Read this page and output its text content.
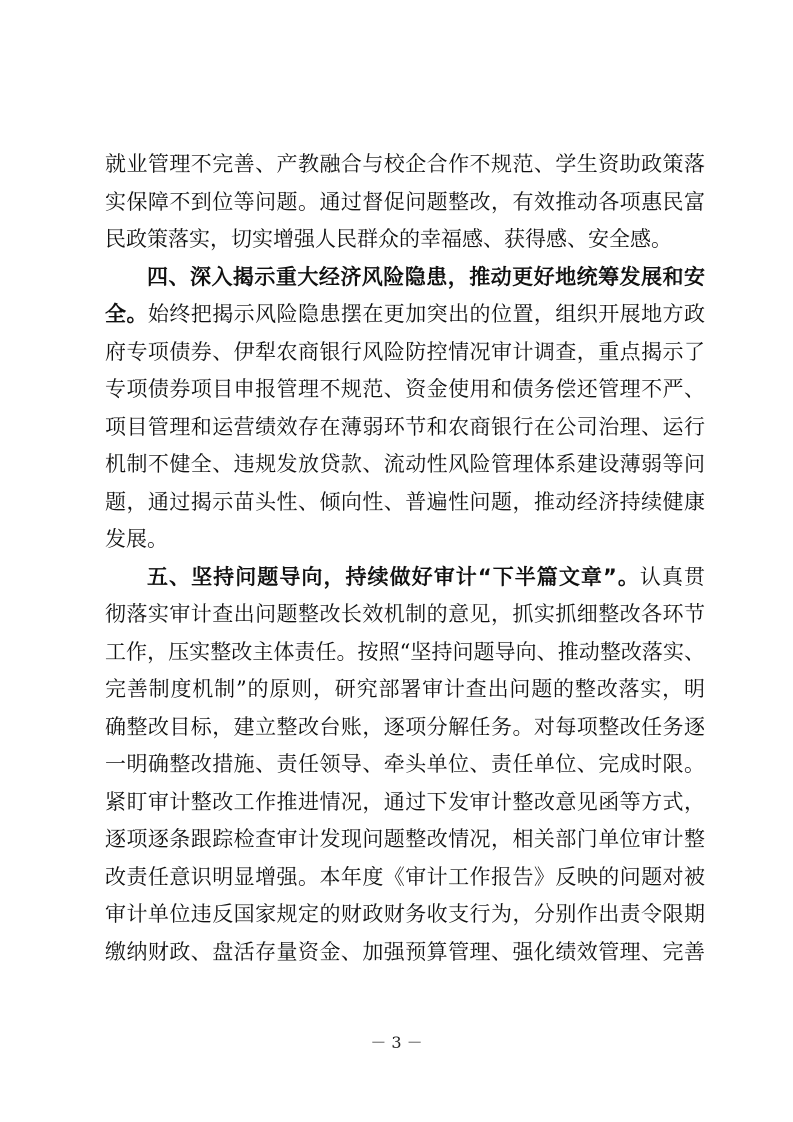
就业管理不完善、产教融合与校企合作不规范、学生资助政策落
实保障不到位等问题。通过督促问题整改，有效推动各项惠民富
民政策落实，切实增强人民群众的幸福感、获得感、安全感。
四、深入揭示重大经济风险隐患，推动更好地统筹发展和安
全。始终把揭示风险隐患摆在更加突出的位置，组织开展地方政
府专项债券、伊犁农商银行风险防控情况审计调查，重点揭示了
专项债券项目申报管理不规范、资金使用和债务偿还管理不严、
项目管理和运营绩效存在薄弱环节和农商银行在公司治理、运行
机制不健全、违规发放贷款、流动性风险管理体系建设薄弱等问
题，通过揭示苗头性、倾向性、普遍性问题，推动经济持续健康
发展。
五、坚持问题导向，持续做好审计“下半篇文章”。认真贯
彻落实审计查出问题整改长效机制的意见，抓实抓细整改各环节
工作，压实整改主体责任。按照“坚持问题导向、推动整改落实、
完善制度机制”的原则，研究部署审计查出问题的整改落实，明
确整改目标，建立整改台账，逐项分解任务。对每项整改任务逐
一明确整改措施、责任领导、牵头单位、责任单位、完成时限。
紧盯审计整改工作推进情况，通过下发审计整改意见函等方式，
逐项逐条跟踪检查审计发现问题整改情况，相关部门单位审计整
改责任意识明显增强。本年度《审计工作报告》反映的问题对被
审计单位违反国家规定的财政财务收支行为，分别作出责令限期
缴纳财政、盘活存量资金、加强预算管理、强化绩效管理、完善
－ 3 －
